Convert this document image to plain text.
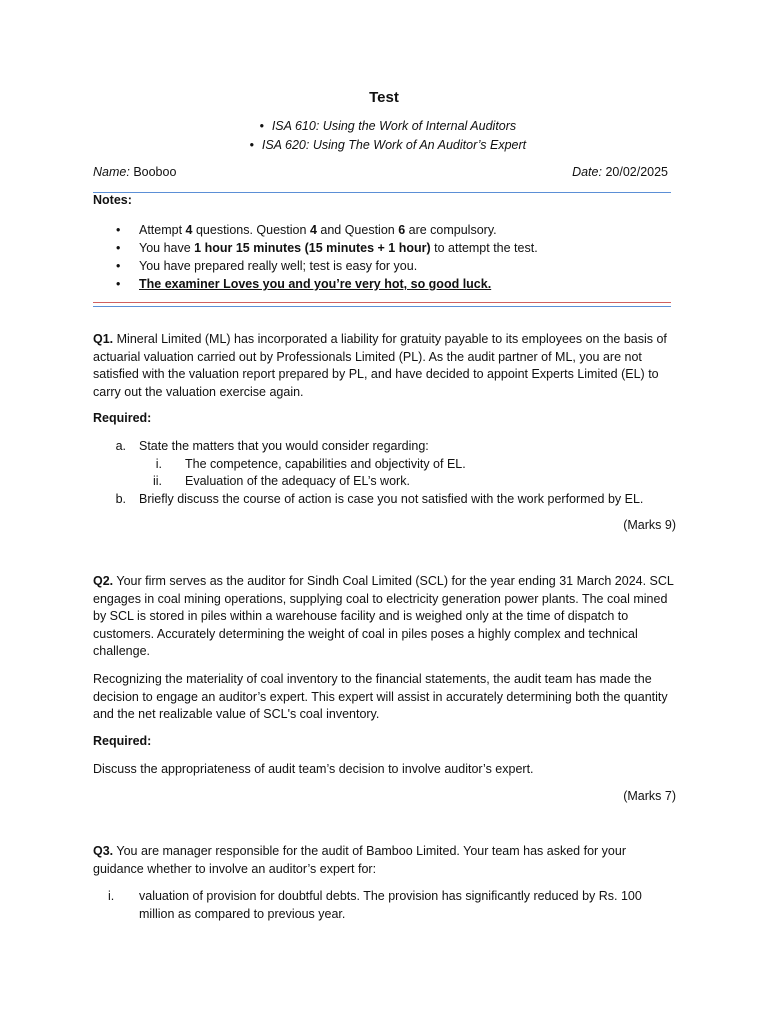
Test
• ISA 610: Using the Work of Internal Auditors
• ISA 620: Using The Work of An Auditor’s Expert
Name: Booboo	Date: 20/02/2025
Notes:
• Attempt 4 questions. Question 4 and Question 6 are compulsory.
• You have 1 hour 15 minutes (15 minutes + 1 hour) to attempt the test.
• You have prepared really well; test is easy for you.
• The examiner Loves you and you’re very hot, so good luck.
Q1. Mineral Limited (ML) has incorporated a liability for gratuity payable to its employees on the basis of actuarial valuation carried out by Professionals Limited (PL). As the audit partner of ML, you are not satisfied with the valuation report prepared by PL, and have decided to appoint Experts Limited (EL) to carry out the valuation exercise again.
Required:
a. State the matters that you would consider regarding:
i. The competence, capabilities and objectivity of EL.
ii. Evaluation of the adequacy of EL’s work.
b. Briefly discuss the course of action is case you not satisfied with the work performed by EL.
(Marks 9)
Q2. Your firm serves as the auditor for Sindh Coal Limited (SCL) for the year ending 31 March 2024. SCL engages in coal mining operations, supplying coal to electricity generation power plants. The coal mined by SCL is stored in piles within a warehouse facility and is weighed only at the time of dispatch to customers. Accurately determining the weight of coal in piles poses a highly complex and technical challenge.
Recognizing the materiality of coal inventory to the financial statements, the audit team has made the decision to engage an auditor’s expert. This expert will assist in accurately determining both the quantity and the net realizable value of SCL's coal inventory.
Required:
Discuss the appropriateness of audit team’s decision to involve auditor’s expert.
(Marks 7)
Q3. You are manager responsible for the audit of Bamboo Limited. Your team has asked for your guidance whether to involve an auditor’s expert for:
i.	valuation of provision for doubtful debts. The provision has significantly reduced by Rs. 100 million as compared to previous year.
